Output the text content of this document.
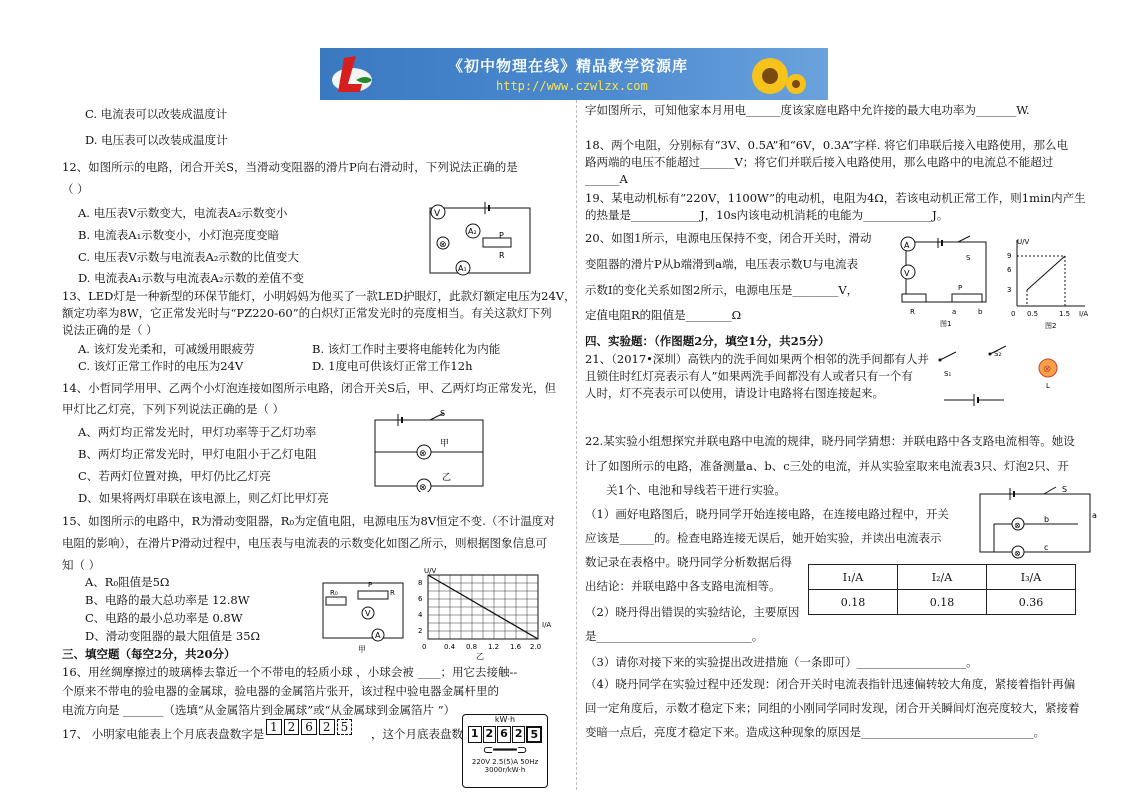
《初中物理在线》精品教学资源库
http://www.czwlzx.com
C. 电流表可以改装成温度计
D. 电压表可以改装成温度计
12、如图所示的电路，闭合开关S，当滑动变阻器的滑片P向右滑动时，下列说法正确的是
（ ）
A. 电压表V示数变大，电流表A₂示数变小
B. 电流表A₁示数变小，小灯泡亮度变暗
C. 电压表V示数与电流表A₂示数的比值变大
D. 电流表A₁示数与电流表A₂示数的差值不变
V
A₂
⊗
R
P
A₁
13、LED灯是一种新型的环保节能灯，小明妈妈为他买了一款LED护眼灯，此款灯额定电压为24V，
额定功率为8W，它正常发光时与“PZ220-60”的白炽灯正常发光时的亮度相当。有关这款灯下列
说法正确的是（ ）
A. 该灯发光柔和，可减缓用眼疲劳	B. 该灯工作时主要将电能转化为内能
C. 该灯正常工作时的电压为24V	D. 1度电可供该灯正常工作12h
14、小哲同学用甲、乙两个小灯泡连接如图所示电路，闭合开关S后，甲、乙两灯均正常发光，但
甲灯比乙灯亮，下列下列说法正确的是（ ）
A、两灯均正常发光时，甲灯功率等于乙灯功率
B、两灯均正常发光时，甲灯电阻小于乙灯电阻
C、若两灯位置对换，甲灯仍比乙灯亮
D、如果将两灯串联在该电源上，则乙灯比甲灯亮
S
⊗
甲
⊗
乙
15、如图所示的电路中，R为滑动变阻器，R₀为定值电阻，电源电压为8V恒定不变.（不计温度对
电阻的影响），在滑片P滑动过程中，电压表与电流表的示数变化如图乙所示，则根据图象信息可
知（ ）
A、R₀阻值是5Ω
B、电路的最大总功率是 12.8W
C、电路的最小总功率是 0.8W
D、滑动变阻器的最大阻值是 35Ω
R₀
P
R
V
A
甲
U/V
I/A
8
6
4
2
0	0.4 0.8 1.2 1.6 2.0
乙
三、填空题（每空2分，共20分）
16、用丝绸摩擦过的玻璃棒去靠近一个不带电的轻质小球 ，小球会被 ____；用它去接触--
个原来不带电的验电器的金属球，验电器的金属箔片张开，该过程中验电器金属杆里的
电流方向是 _______（选填“从金属箔片到金属球”或“从金属球到金属箔片 ”）
17、 小明家电能表上个月底表盘数字是 1 2 6 2 5	，这个月底表盘数
kW·h
1 2 6 2 5
⊂━━━⊃
220V 2.5(5)A 50Hz
3000r/kW·h
字如图所示，可知他家本月用电______度该家庭电路中允许接的最大电功率为_______W.
18、两个电阻，分别标有“3V、0.5A”和“6V，0.3A”字样. 将它们串联后接入电路使用，那么电
路两端的电压不能超过______V；将它们并联后接入电路使用，那么电路中的电流总不能超过
______A
19、某电动机标有“220V，1100W”的电动机，电阻为4Ω，若该电动机正常工作，则1min内产生
的热量是____________J，10s内该电动机消耗的电能为____________J。
20、如图1所示，电源电压保持不变，闭合开关时，滑动
变阻器的滑片P从b端滑到a端，电压表示数U与电流表
示数I的变化关系如图2所示，电源电压是________V，
定值电阻R的阻值是________Ω
A
S
V
R
P
a	b
图1
U/V
I/A
9
6
3
0 0.5	1.5
图2
四、实验题：（作图题2分，填空1分，共25分）
21、（2017•深圳）高铁内的洗手间如果两个相邻的洗手间都有人并
且锁住时红灯亮表示有人”如果两洗手间都没有人或者只有一个有
人时，灯不亮表示可以使用，请设计电路将右图连接起来。
S₁
S₂
⊗
L
22.某实验小组想探究并联电路中电流的规律，晓丹同学猜想：并联电路中各支路电流相等。她设
计了如图所示的电路，准备测量a、b、c三处的电流，并从实验室取来电流表3只、灯泡2只、开
关1个、电池和导线若干进行实验。
（1）画好电路图后，晓丹同学开始连接电路，在连接电路过程中，开关
应该是______的。检查电路连接无误后，她开始实验，并读出电流表示
数记录在表格中。晓丹同学分析数据后得
出结论：并联电路中各支路电流相等。
（2）晓丹得出错误的实验结论，主要原因
是___________________________。
（3）请你对接下来的实验提出改进措施（一条即可）___________________。
（4）晓丹同学在实验过程中还发现：闭合开关时电流表指针迅速偏转较大角度，紧接着指针再偏
回一定角度后，示数才稳定下来；同组的小刚同学同时发现，闭合开关瞬间灯泡亮度较大，紧接着
变暗一点后，亮度才稳定下来。造成这种现象的原因是______________________________。
S
⊗
⊗
b
c
a
I₁/A	I₂/A	I₃/A
0.18	0.18	0.36
